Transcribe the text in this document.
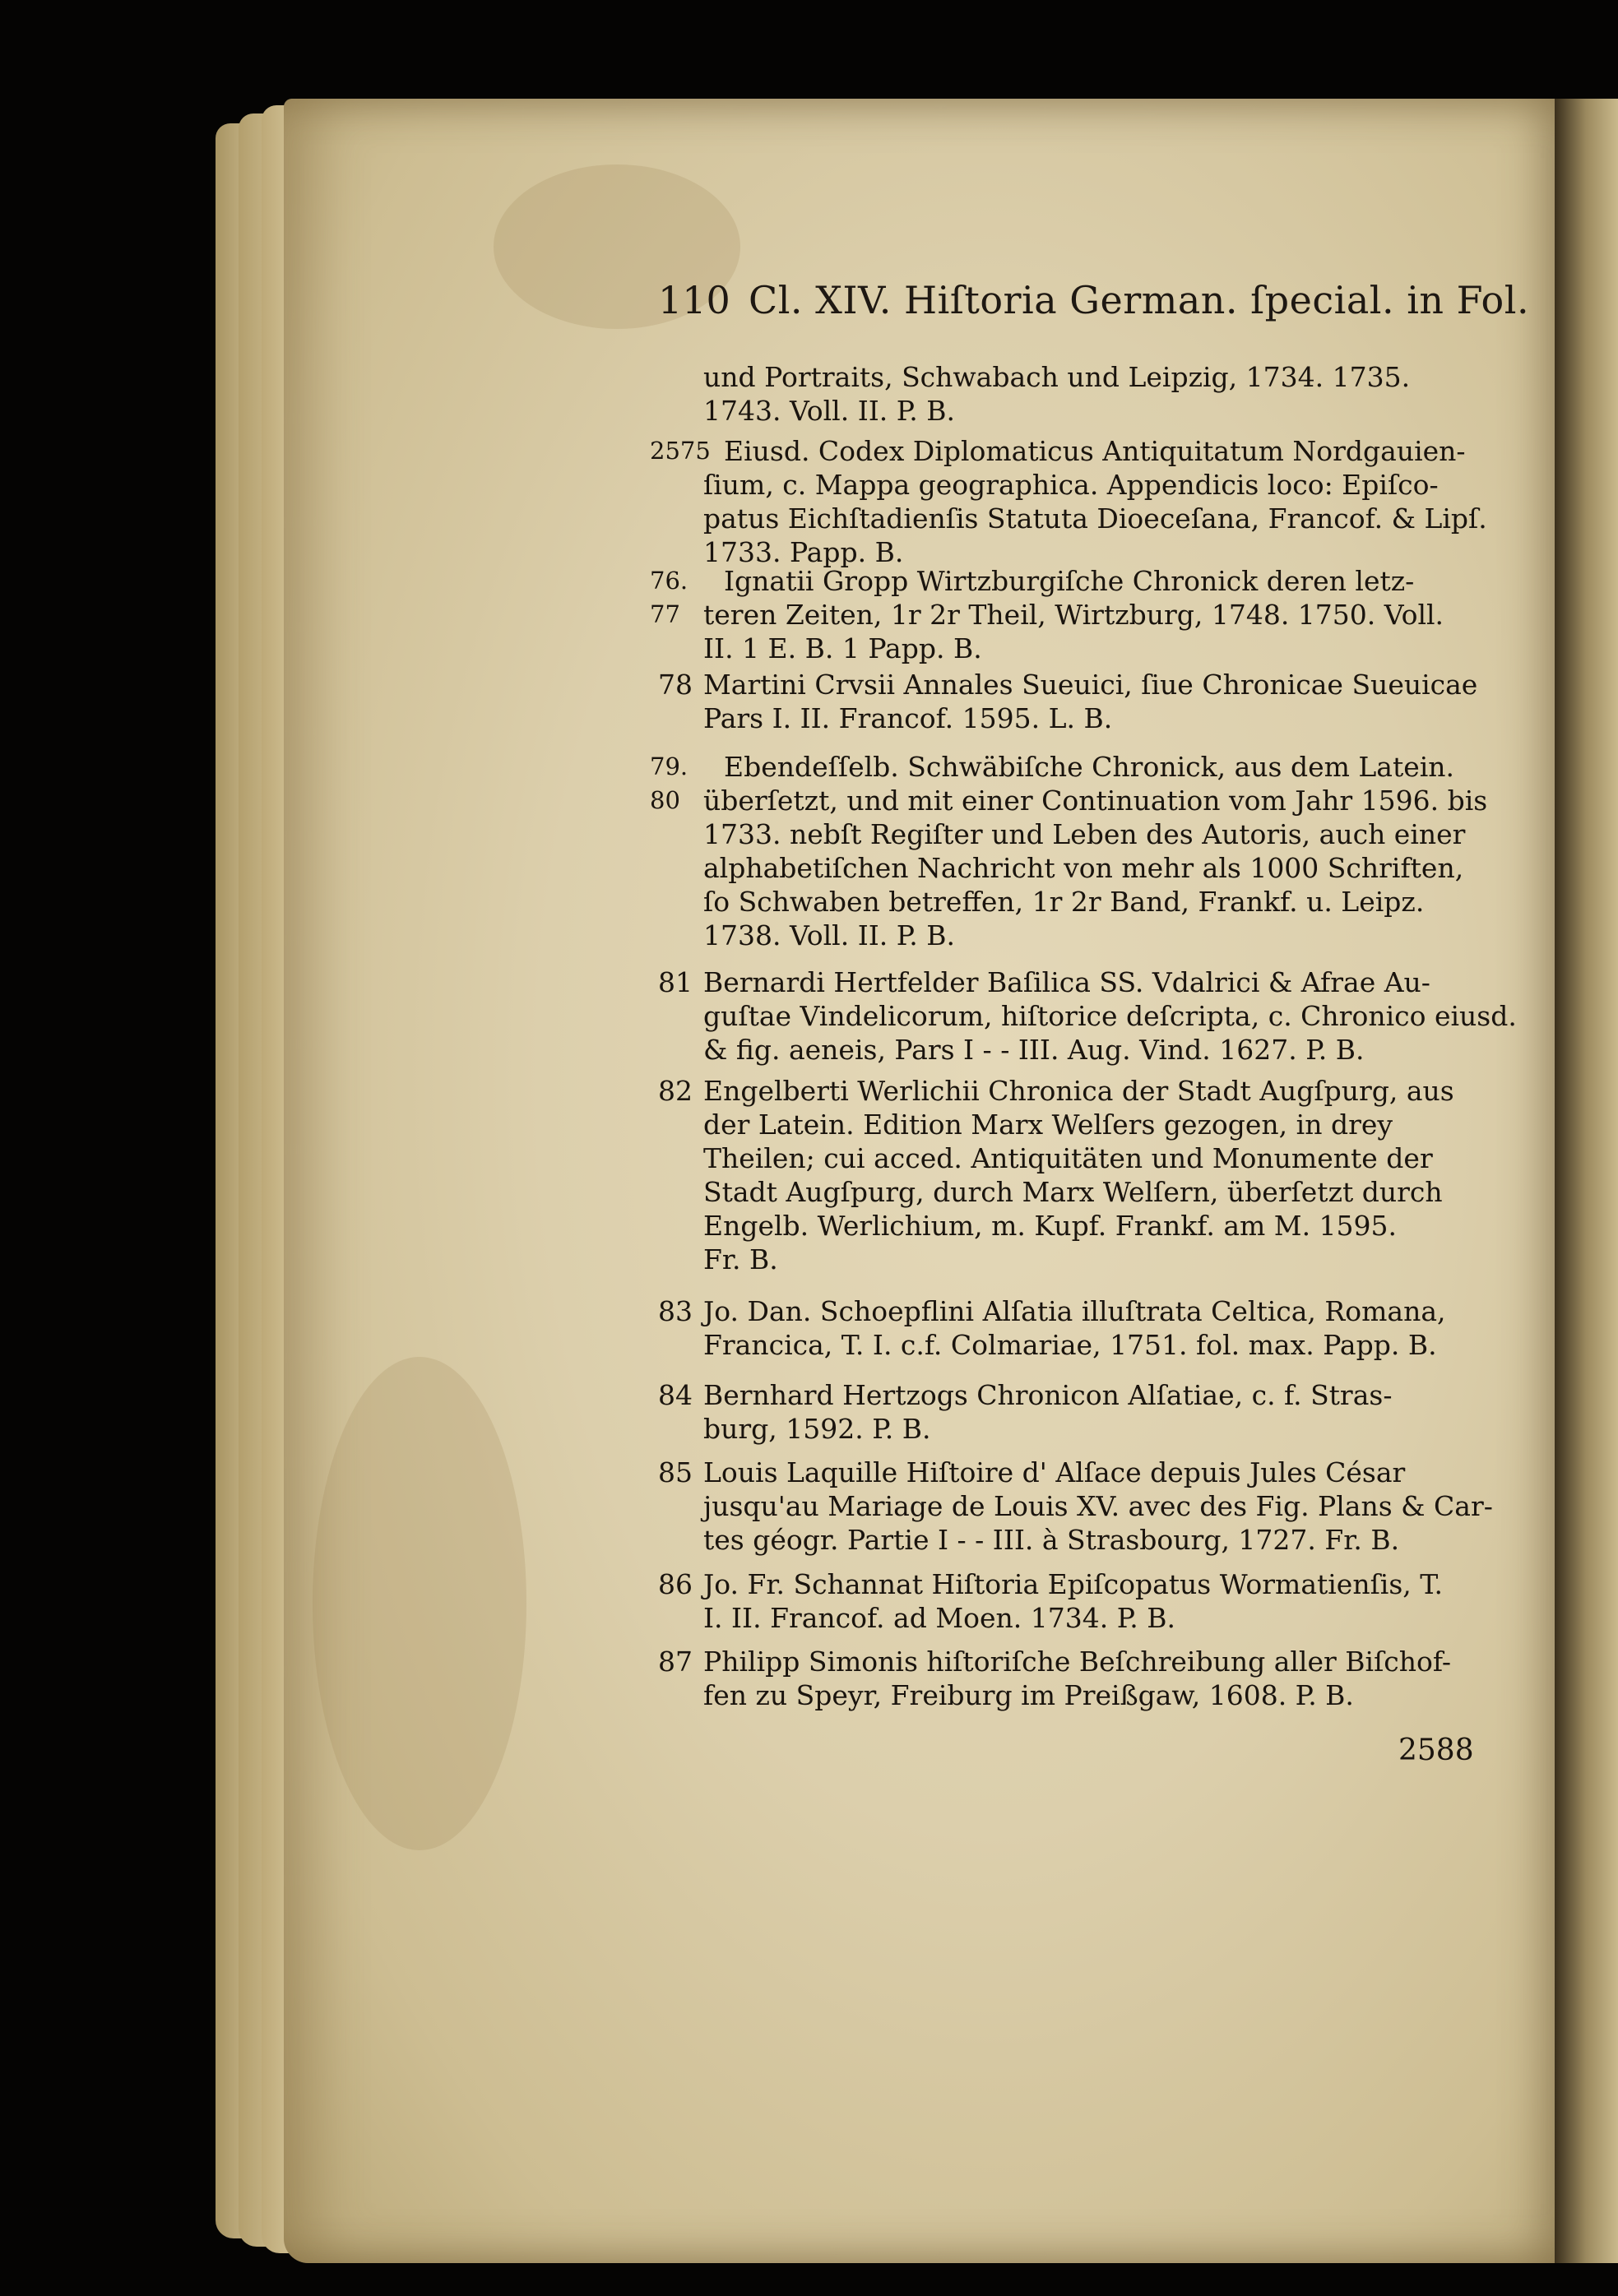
110 Cl. XIV. Hiſtoria German. ſpecial. in Fol.
und Portraits, Schwabach und Leipzig, 1734. 1735.
1743. Voll. II. P. B.
2575 Eiusd. Codex Diplomaticus Antiquitatum Nordgauien-
ſium, c. Mappa geographica. Appendicis loco: Epiſco-
patus Eichſtadienſis Statuta Dioeceſana, Francof. & Lipſ.
1733. Papp. B.
76. 77
Ignatii Gropp Wirtzburgiſche Chronick deren letz-
teren Zeiten, 1r 2r Theil, Wirtzburg, 1748. 1750. Voll.
II. 1 E. B. 1 Papp. B.
78 Martini Crvsii Annales Sueuici, ſiue Chronicae Sueuicae
Pars I. II. Francof. 1595. L. B.
79. 80
Ebendeſſelb. Schwäbiſche Chronick, aus dem Latein.
überſetzt, und mit einer Continuation vom Jahr 1596. bis
1733. nebſt Regiſter und Leben des Autoris, auch einer
alphabetiſchen Nachricht von mehr als 1000 Schriften,
ſo Schwaben betreffen, 1r 2r Band, Frankf. u. Leipz.
1738. Voll. II. P. B.
81 Bernardi Hertfelder Baſilica SS. Vdalrici & Afrae Au-
guſtae Vindelicorum, hiſtorice deſcripta, c. Chronico eiusd.
& fig. aeneis, Pars I - - III. Aug. Vind. 1627. P. B.
82 Engelberti Werlichii Chronica der Stadt Augſpurg, aus
der Latein. Edition Marx Welſers gezogen, in drey
Theilen; cui acced. Antiquitäten und Monumente der
Stadt Augſpurg, durch Marx Welſern, überſetzt durch
Engelb. Werlichium, m. Kupf. Frankf. am M. 1595.
Fr. B.
83 Jo. Dan. Schoepflini Alſatia illuſtrata Celtica, Romana,
Francica, T. I. c.f. Colmariae, 1751. fol. max. Papp. B.
84 Bernhard Hertzogs Chronicon Alſatiae, c. f. Stras-
burg, 1592. P. B.
85 Louis Laquille Hiſtoire d' Alſace depuis Jules César
jusqu'au Mariage de Louis XV. avec des Fig. Plans & Car-
tes géogr. Partie I - - III. à Strasbourg, 1727. Fr. B.
86 Jo. Fr. Schannat Hiſtoria Epiſcopatus Wormatienſis, T.
I. II. Francof. ad Moen. 1734. P. B.
87 Philipp Simonis hiſtoriſche Beſchreibung aller Biſchof-
fen zu Speyr, Freiburg im Preißgaw, 1608. P. B.
2588
